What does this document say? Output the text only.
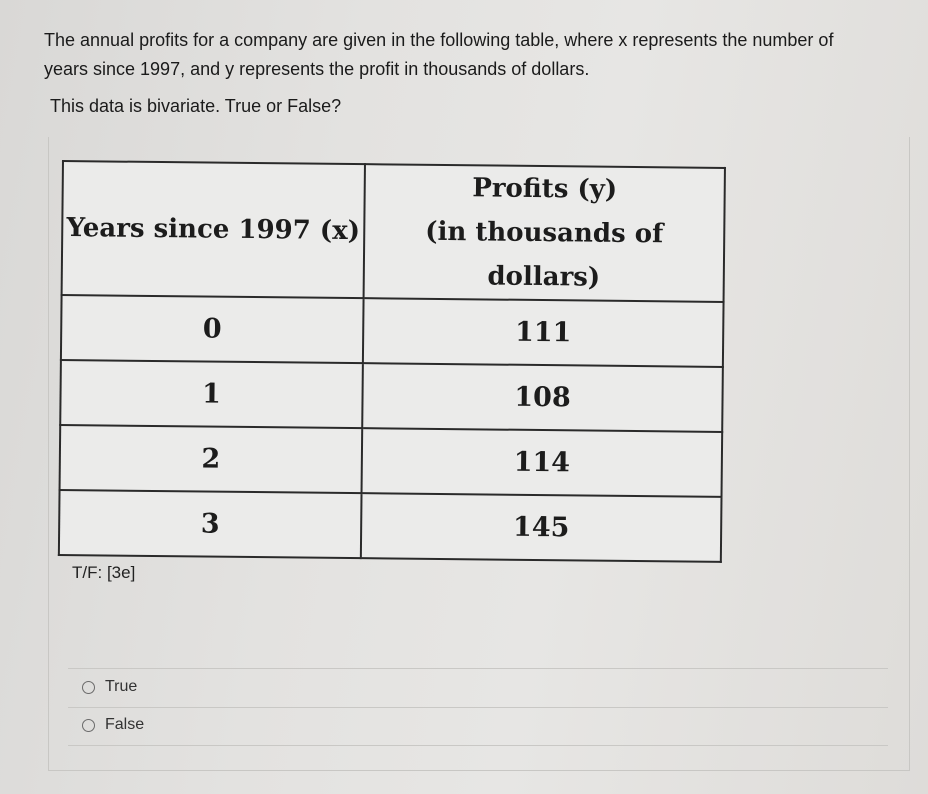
The annual profits for a company are given in the following table, where x represents the number of
years since 1997, and y represents the profit in thousands of dollars.
This data is bivariate. True or False?
Years since 1997 (x)	Profits (y)
(in thousands of dollars)

0	111
1	108
2	114
3	145
T/F: [3e]
True
False
